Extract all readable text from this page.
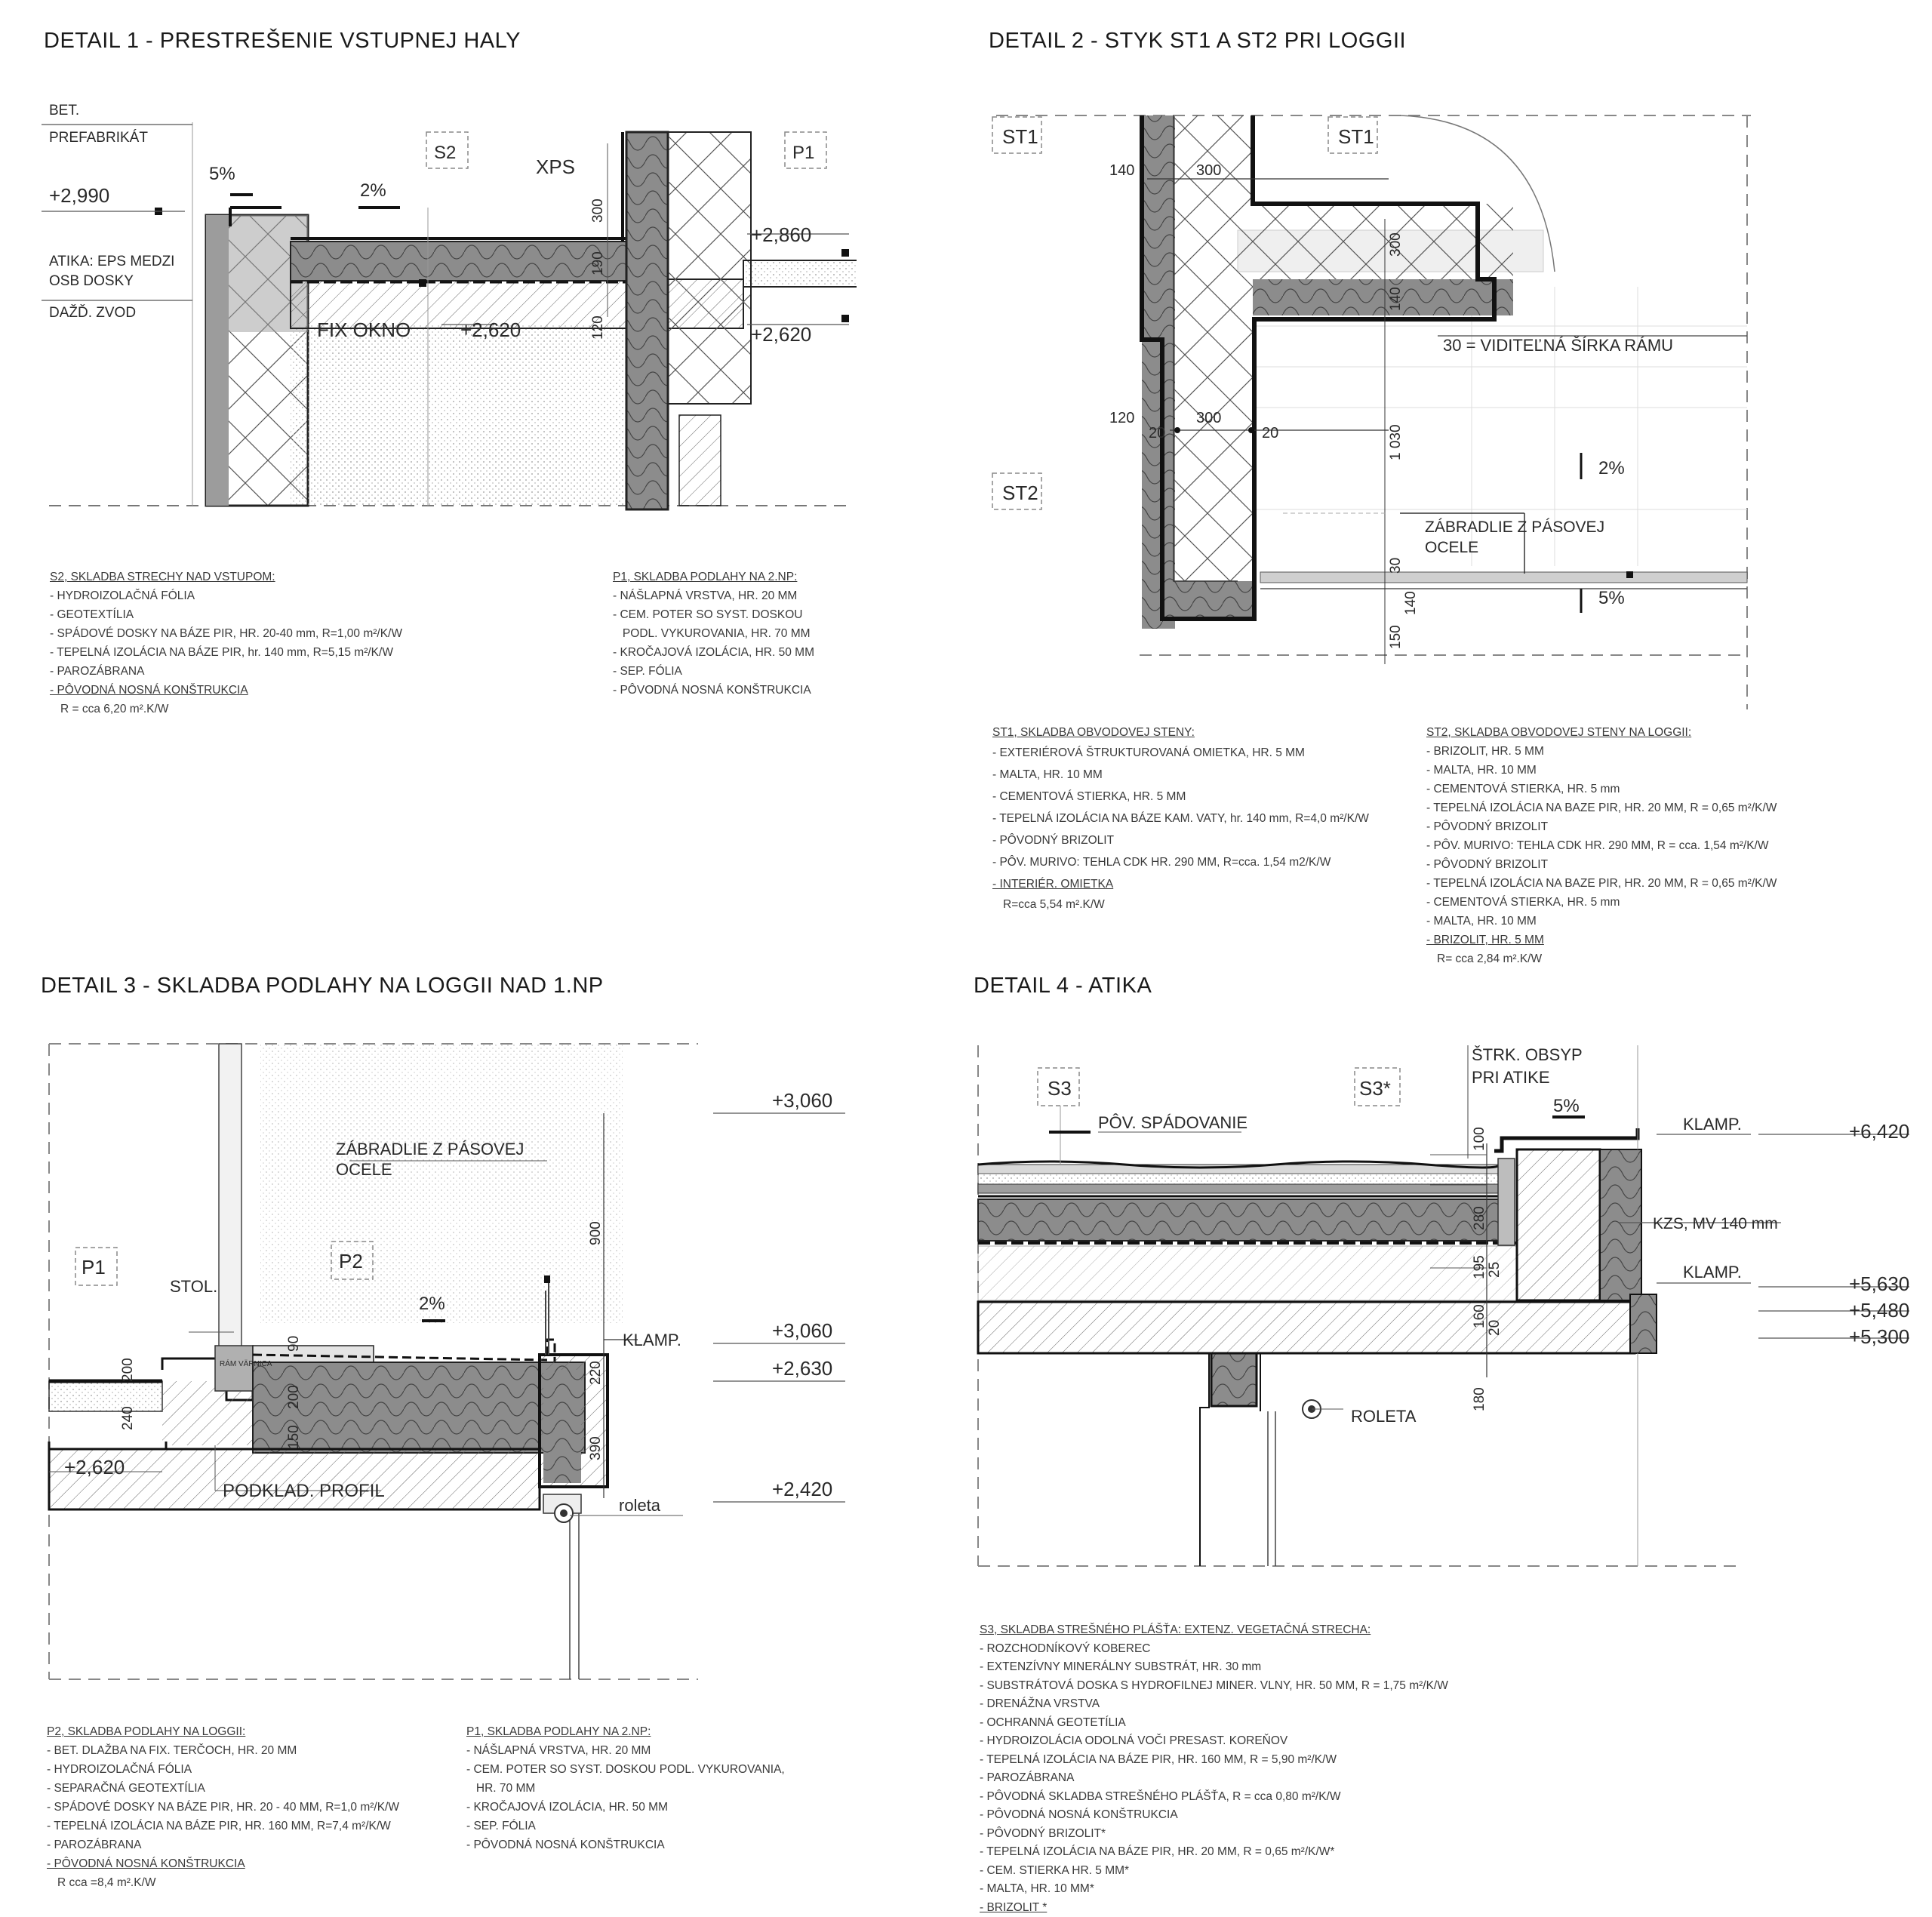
DETAIL 1 - PRESTREŠENIE VSTUPNEJ HALY
BET.
PREFABRIKÁT
5%
2%
S2
XPS
P1
+2,990
+2,860
+2,620	+2,620
ATIKA: EPS MEDZI
OSB DOSKY
DAŽĎ. ZVOD
FIX OKNO
300
190
120
S2, SKLADBA STRECHY NAD VSTUPOM:
- HYDROIZOLAČNÁ FÓLIA
- GEOTEXTÍLIA
- SPÁDOVÉ DOSKY NA BÁZE PIR, HR. 20-40 mm, R=1,00 m²/K/W
- TEPELNÁ IZOLÁCIA NA BÁZE PIR, hr. 140 mm, R=5,15 m²/K/W
- PAROZÁBRANA
- PÔVODNÁ NOSNÁ KONŠTRUKCIA
R = cca 6,20 m².K/W
P1, SKLADBA PODLAHY NA 2.NP:
- NÁŠLAPNÁ VRSTVA, HR. 20 MM
- CEM. POTER SO SYST. DOSKOU
PODL. VYKUROVANIA, HR. 70 MM
- KROČAJOVÁ IZOLÁCIA, HR. 50 MM
- SEP. FÓLIA
- PÔVODNÁ NOSNÁ KONŠTRUKCIA
DETAIL 2 - STYK ST1 A ST2 PRI LOGGII
ST1	ST1
ST2
140	300
300
140
120
20
300
20	1 030
30
140
150
30 = VIDITEĽNÁ ŠÍRKA RÁMU
2%
5%
ZÁBRADLIE Z PÁSOVEJ
OCELE
ST1, SKLADBA OBVODOVEJ STENY:
- EXTERIÉROVÁ ŠTRUKTUROVANÁ OMIETKA, HR. 5 MM
- MALTA, HR. 10 MM
- CEMENTOVÁ STIERKA, HR. 5 MM
- TEPELNÁ IZOLÁCIA NA BÁZE KAM. VATY, hr. 140 mm, R=4,0 m²/K/W
- PÔVODNÝ BRIZOLIT
- PÔV. MURIVO: TEHLA CDK HR. 290 MM, R=cca. 1,54 m2/K/W
- INTERIÉR. OMIETKA
R=cca 5,54 m².K/W
ST2, SKLADBA OBVODOVEJ STENY NA LOGGII:
- BRIZOLIT, HR. 5 MM
- MALTA, HR. 10 MM
- CEMENTOVÁ STIERKA, HR. 5 mm
- TEPELNÁ IZOLÁCIA NA BAZE PIR, HR. 20 MM, R = 0,65 m²/K/W
- PÔVODNÝ BRIZOLIT
- PÔV. MURIVO: TEHLA CDK HR. 290 MM, R = cca. 1,54 m²/K/W
- PÔVODNÝ BRIZOLIT
- TEPELNÁ IZOLÁCIA NA BAZE PIR, HR. 20 MM, R = 0,65 m²/K/W
- CEMENTOVÁ STIERKA, HR. 5 mm
- MALTA, HR. 10 MM
- BRIZOLIT, HR. 5 MM
R= cca 2,84 m².K/W
DETAIL 3 - SKLADBA PODLAHY NA LOGGII NAD 1.NP
+3,060
+3,060
+2,630
+2,420
+2,620
ZÁBRADLIE Z PÁSOVEJ
OCELE
P1	P2
STOL.
2%
KLAMP.
PODKLAD. PROFIL
roleta
900
220
390
200
240
90
200
150
RÁM VÄRNICA
P2, SKLADBA PODLAHY NA LOGGII:
- BET. DLAŽBA NA FIX. TERČOCH, HR. 20 MM
- HYDROIZOLAČNÁ FÓLIA
- SEPARAČNÁ GEOTEXTÍLIA
- SPÁDOVÉ DOSKY NA BÁZE PIR, HR. 20 - 40 MM, R=1,0 m²/K/W
- TEPELNÁ IZOLÁCIA NA BÁZE PIR, HR. 160 MM, R=7,4 m²/K/W
- PAROZÁBRANA
- PÔVODNÁ NOSNÁ KONŠTRUKCIA
R cca =8,4 m².K/W
P1, SKLADBA PODLAHY NA 2.NP:
- NÁŠLAPNÁ VRSTVA, HR. 20 MM
- CEM. POTER SO SYST. DOSKOU PODL. VYKUROVANIA,
HR. 70 MM
- KROČAJOVÁ IZOLÁCIA, HR. 50 MM
- SEP. FÓLIA
- PÔVODNÁ NOSNÁ KONŠTRUKCIA
DETAIL 4 - ATIKA
S3	S3*
ŠTRK. OBSYP
PRI ATIKE
5%
PÔV. SPÁDOVANIE	KLAMP.
KLAMP.
KZS, MV 140 mm
+6,420
+5,630
+5,480
+5,300
ROLETA
100
280
195 25
160 20
180
S3, SKLADBA STREŠNÉHO PLÁŠŤA: EXTENZ. VEGETAČNÁ STRECHA:
- ROZCHODNÍKOVÝ KOBEREC
- EXTENZÍVNY MINERÁLNY SUBSTRÁT, HR. 30 mm
- SUBSTRÁTOVÁ DOSKA S HYDROFILNEJ MINER. VLNY, HR. 50 MM, R = 1,75 m²/K/W
- DRENÁŽNA VRSTVA
- OCHRANNÁ GEOTETÍLIA
- HYDROIZOLÁCIA ODOLNÁ VOČI PRESAST. KOREŇOV
- TEPELNÁ IZOLÁCIA NA BÁZE PIR, HR. 160 MM, R = 5,90 m²/K/W
- PAROZÁBRANA
- PÔVODNÁ SKLADBA STREŠNÉHO PLÁŠŤA, R = cca 0,80 m²/K/W
- PÔVODNÁ NOSNÁ KONŠTRUKCIA
- PÔVODNÝ BRIZOLIT*
- TEPELNÁ IZOLÁCIA NA BÁZE PIR, HR. 20 MM, R = 0,65 m²/K/W*
- CEM. STIERKA HR. 5 MM*
- MALTA, HR. 10 MM*
- BRIZOLIT *
